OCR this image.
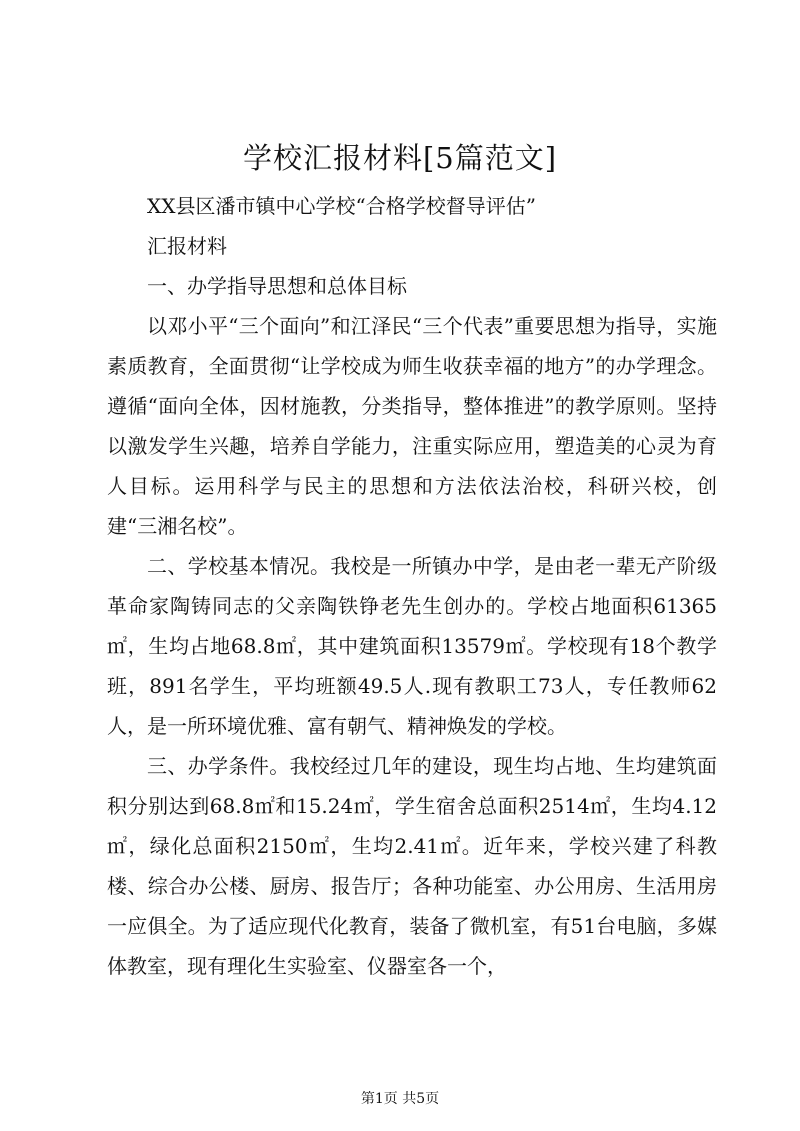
学校汇报材料[5篇范文]

XX县区潘市镇中心学校“合格学校督导评估”

汇报材料

一、办学指导思想和总体目标

以邓小平“三个面向”和江泽民“三个代表”重要思想为指导，实施素质教育，全面贯彻“让学校成为师生收获幸福的地方”的办学理念。遵循“面向全体，因材施教，分类指导，整体推进”的教学原则。坚持以激发学生兴趣，培养自学能力，注重实际应用，塑造美的心灵为育人目标。运用科学与民主的思想和方法依法治校，科研兴校，创建“三湘名校”。

二、学校基本情况。我校是一所镇办中学，是由老一辈无产阶级革命家陶铸同志的父亲陶铁铮老先生创办的。学校占地面积61365㎡，生均占地68.8㎡，其中建筑面积13579㎡。学校现有18个教学班，891名学生，平均班额49.5人.现有教职工73人，专任教师62人，是一所环境优雅、富有朝气、精神焕发的学校。

三、办学条件。我校经过几年的建设，现生均占地、生均建筑面积分别达到68.8㎡和15.24㎡，学生宿舍总面积2514㎡，生均4.12㎡，绿化总面积2150㎡，生均2.41㎡。近年来，学校兴建了科教楼、综合办公楼、厨房、报告厅；各种功能室、办公用房、生活用房一应俱全。为了适应现代化教育，装备了微机室，有51台电脑，多媒体教室，现有理化生实验室、仪器室各一个，

第1页 共5页
